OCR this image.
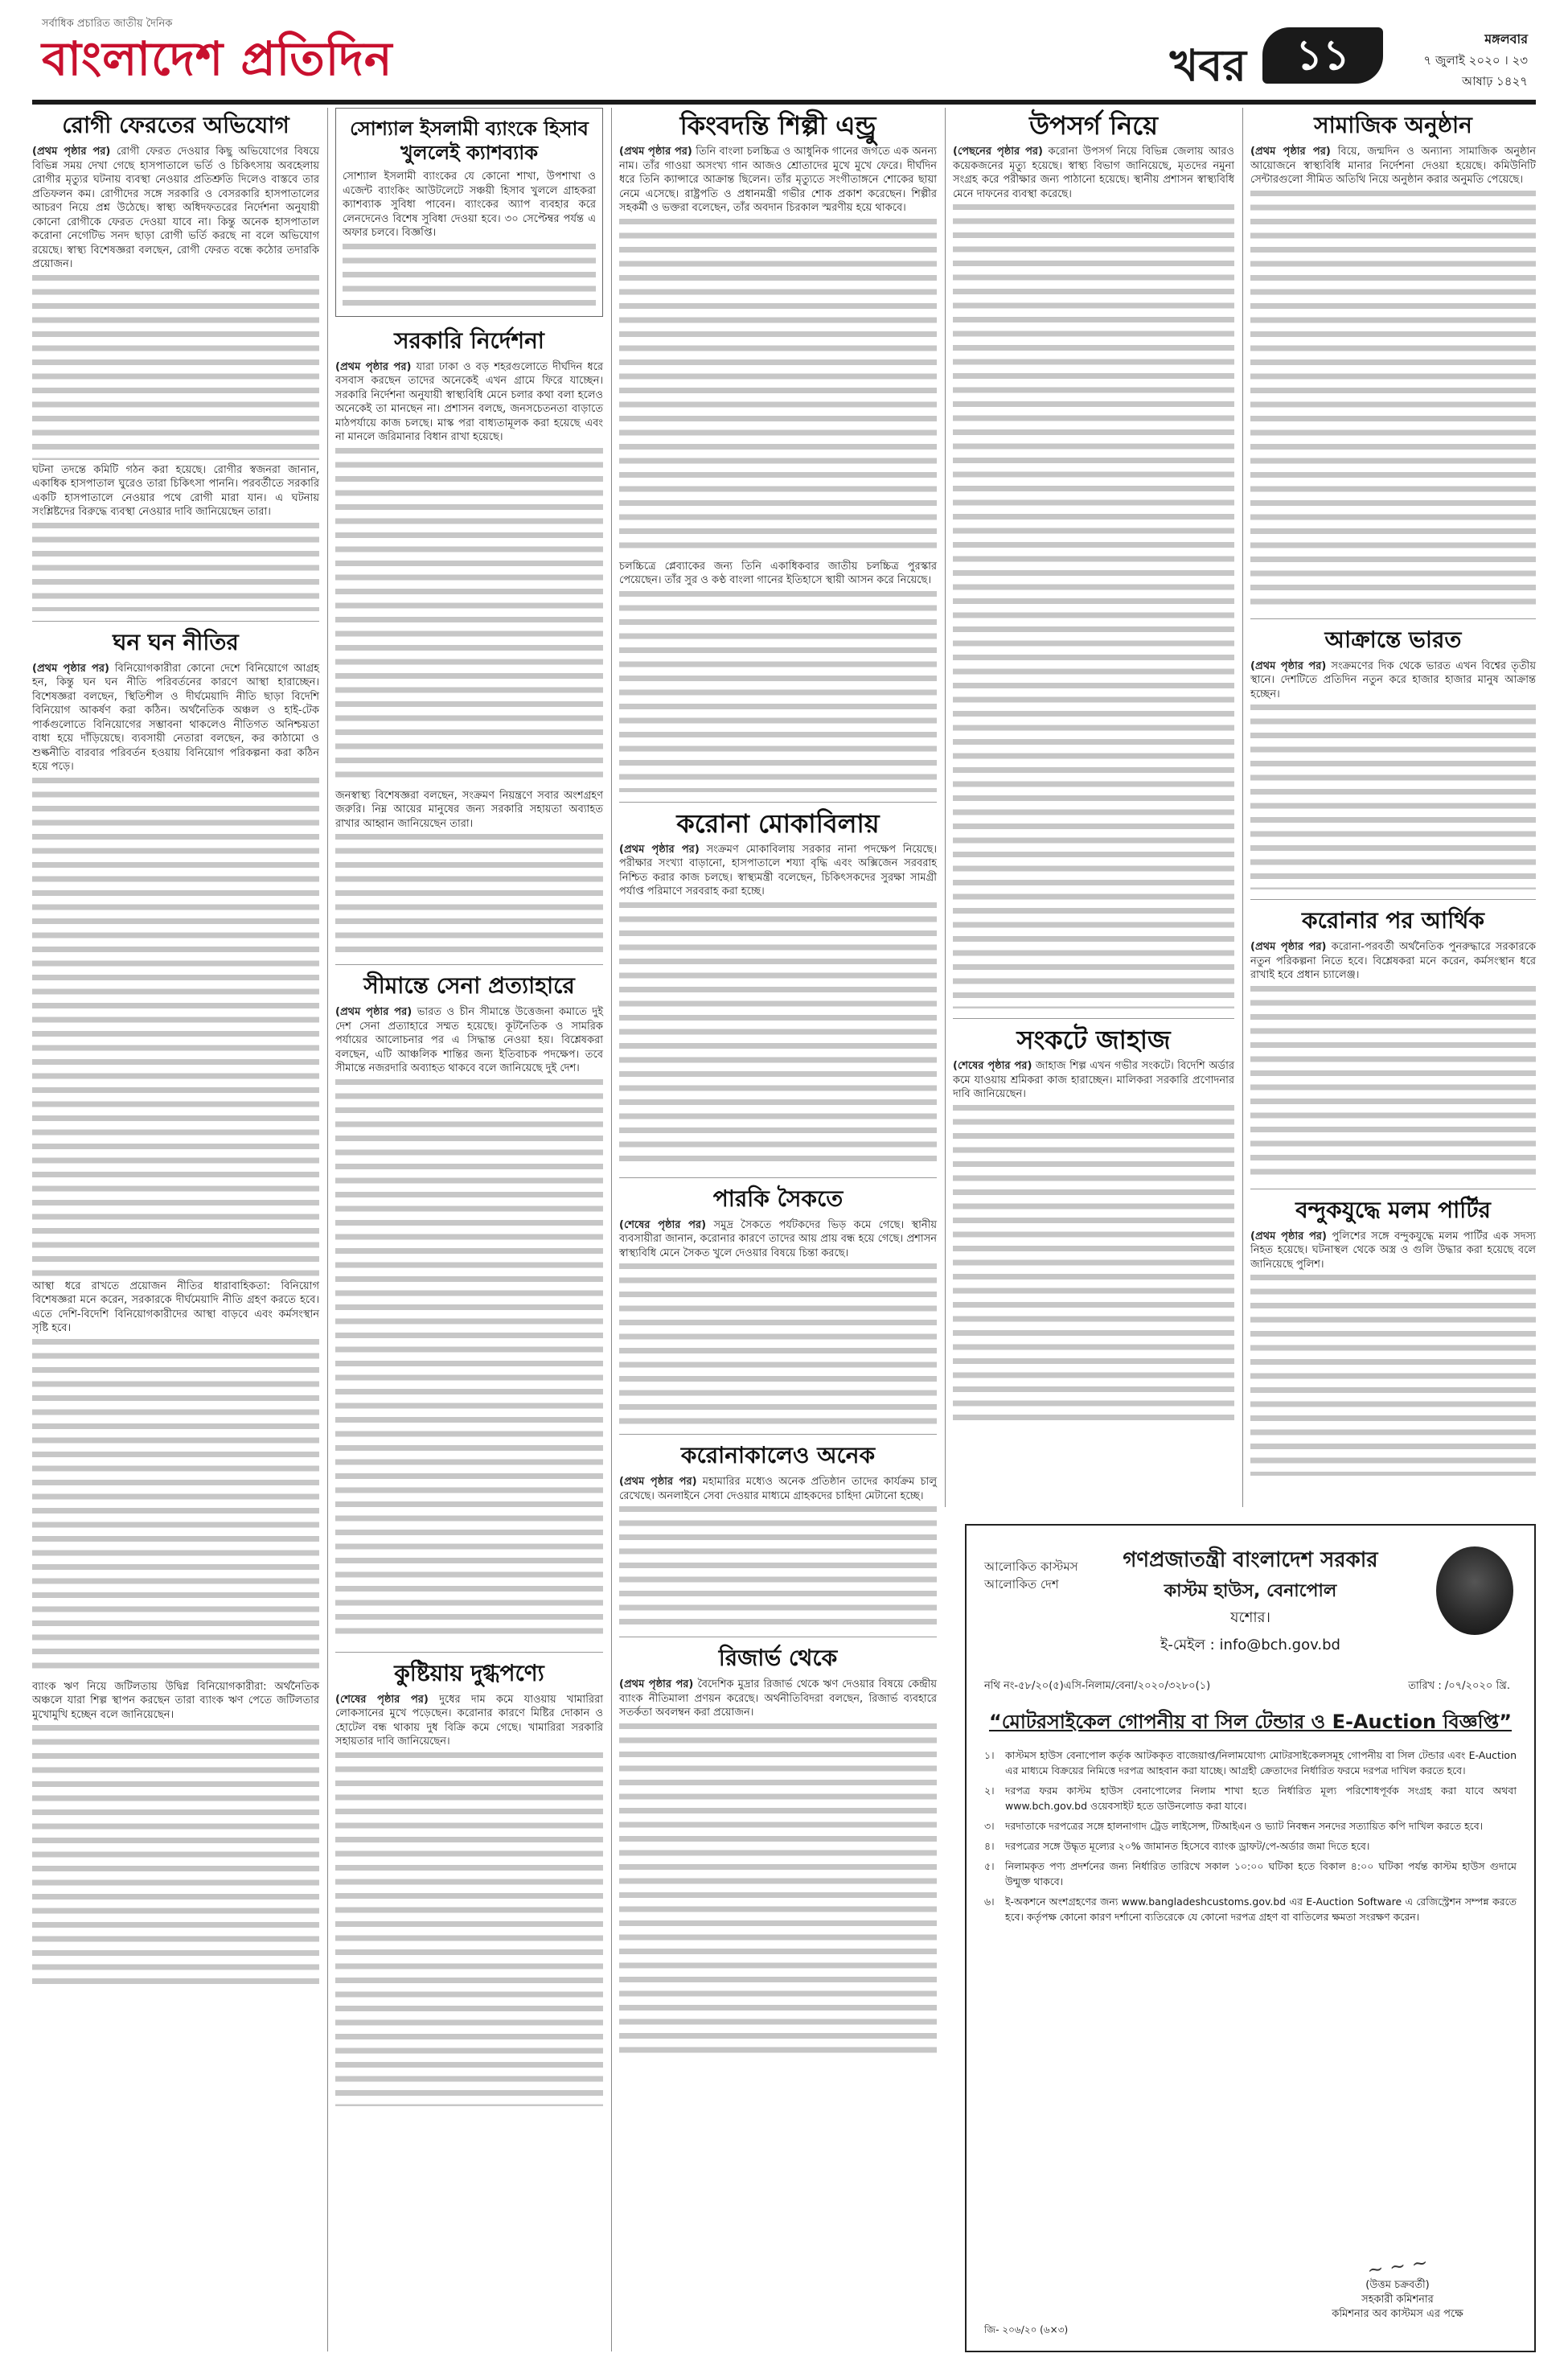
সর্বাধিক প্রচারিত জাতীয় দৈনিক
বাংলাদেশ প্রতিদিন	খবর	১১	মঙ্গলবার
৭ জুলাই ২০২০ । ২৩ আষাঢ় ১৪২৭
রোগী ফেরতের অভিযোগ

(প্রথম পৃষ্ঠার পর) রোগী ফেরত দেওয়ার কিছু অভিযোগের বিষয়ে বিভিন্ন সময় দেখা গেছে হাসপাতালে ভর্তি ও চিকিৎসায় অবহেলায় রোগীর মৃত্যুর ঘটনায় ব্যবস্থা নেওয়ার প্রতিশ্রুতি দিলেও বাস্তবে তার প্রতিফলন কম। রোগীদের সঙ্গে সরকারি ও বেসরকারি হাসপাতালের আচরণ নিয়ে প্রশ্ন উঠেছে। স্বাস্থ্য অধিদফতরের নির্দেশনা অনুযায়ী কোনো রোগীকে ফেরত দেওয়া যাবে না। কিন্তু অনেক হাসপাতাল করোনা নেগেটিভ সনদ ছাড়া রোগী ভর্তি করছে না বলে অভিযোগ রয়েছে। স্বাস্থ্য বিশেষজ্ঞরা বলছেন, রোগী ফেরত বন্ধে কঠোর তদারকি প্রয়োজন।

ঘটনা তদন্তে কমিটি গঠন করা হয়েছে। রোগীর স্বজনরা জানান, একাধিক হাসপাতাল ঘুরেও তারা চিকিৎসা পাননি। পরবর্তীতে সরকারি একটি হাসপাতালে নেওয়ার পথে রোগী মারা যান। এ ঘটনায় সংশ্লিষ্টদের বিরুদ্ধে ব্যবস্থা নেওয়ার দাবি জানিয়েছেন তারা।

ঘন ঘন নীতির

(প্রথম পৃষ্ঠার পর) বিনিয়োগকারীরা কোনো দেশে বিনিয়োগে আগ্রহ হন, কিন্তু ঘন ঘন নীতি পরিবর্তনের কারণে আস্থা হারাচ্ছেন। বিশেষজ্ঞরা বলছেন, স্থিতিশীল ও দীর্ঘমেয়াদি নীতি ছাড়া বিদেশি বিনিয়োগ আকর্ষণ করা কঠিন। অর্থনৈতিক অঞ্চল ও হাই-টেক পার্কগুলোতে বিনিয়োগের সম্ভাবনা থাকলেও নীতিগত অনিশ্চয়তা বাধা হয়ে দাঁড়িয়েছে। ব্যবসায়ী নেতারা বলছেন, কর কাঠামো ও শুল্কনীতি বারবার পরিবর্তন হওয়ায় বিনিয়োগ পরিকল্পনা করা কঠিন হয়ে পড়ে।

আস্থা ধরে রাখতে প্রয়োজন নীতির ধারাবাহিকতা: বিনিয়োগ বিশেষজ্ঞরা মনে করেন, সরকারকে দীর্ঘমেয়াদি নীতি গ্রহণ করতে হবে। এতে দেশি-বিদেশি বিনিয়োগকারীদের আস্থা বাড়বে এবং কর্মসংস্থান সৃষ্টি হবে।

ব্যাংক ঋণ নিয়ে জটিলতায় উদ্বিগ্ন বিনিয়োগকারীরা: অর্থনৈতিক অঞ্চলে যারা শিল্প স্থাপন করছেন তারা ব্যাংক ঋণ পেতে জটিলতার মুখোমুখি হচ্ছেন বলে জানিয়েছেন।

সোশ্যাল ইসলামী ব্যাংকে হিসাব খুললেই ক্যাশব্যাক

সোশ্যাল ইসলামী ব্যাংকের যে কোনো শাখা, উপশাখা ও এজেন্ট ব্যাংকিং আউটলেটে সঞ্চয়ী হিসাব খুললে গ্রাহকরা ক্যাশব্যাক সুবিধা পাবেন। ব্যাংকের অ্যাপ ব্যবহার করে লেনদেনেও বিশেষ সুবিধা দেওয়া হবে। ৩০ সেপ্টেম্বর পর্যন্ত এ অফার চলবে। বিজ্ঞপ্তি।

সরকারি নির্দেশনা

(প্রথম পৃষ্ঠার পর) যারা ঢাকা ও বড় শহরগুলোতে দীর্ঘদিন ধরে বসবাস করছেন তাদের অনেকেই এখন গ্রামে ফিরে যাচ্ছেন। সরকারি নির্দেশনা অনুযায়ী স্বাস্থ্যবিধি মেনে চলার কথা বলা হলেও অনেকেই তা মানছেন না। প্রশাসন বলছে, জনসচেতনতা বাড়াতে মাঠপর্যায়ে কাজ চলছে। মাস্ক পরা বাধ্যতামূলক করা হয়েছে এবং না মানলে জরিমানার বিধান রাখা হয়েছে।

জনস্বাস্থ্য বিশেষজ্ঞরা বলছেন, সংক্রমণ নিয়ন্ত্রণে সবার অংশগ্রহণ জরুরি। নিম্ন আয়ের মানুষের জন্য সরকারি সহায়তা অব্যাহত রাখার আহ্বান জানিয়েছেন তারা।

সীমান্তে সেনা প্রত্যাহারে

(প্রথম পৃষ্ঠার পর) ভারত ও চীন সীমান্তে উত্তেজনা কমাতে দুই দেশ সেনা প্রত্যাহারে সম্মত হয়েছে। কূটনৈতিক ও সামরিক পর্যায়ের আলোচনার পর এ সিদ্ধান্ত নেওয়া হয়। বিশ্লেষকরা বলছেন, এটি আঞ্চলিক শান্তির জন্য ইতিবাচক পদক্ষেপ। তবে সীমান্তে নজরদারি অব্যাহত থাকবে বলে জানিয়েছে দুই দেশ।

কুষ্টিয়ায় দুগ্ধপণ্যে

(শেষের পৃষ্ঠার পর) দুধের দাম কমে যাওয়ায় খামারিরা লোকসানের মুখে পড়েছেন। করোনার কারণে মিষ্টির দোকান ও হোটেল বন্ধ থাকায় দুধ বিক্রি কমে গেছে। খামারিরা সরকারি সহায়তার দাবি জানিয়েছেন।

কিংবদন্তি শিল্পী এন্ড্রু

(প্রথম পৃষ্ঠার পর) তিনি বাংলা চলচ্চিত্র ও আধুনিক গানের জগতে এক অনন্য নাম। তাঁর গাওয়া অসংখ্য গান আজও শ্রোতাদের মুখে মুখে ফেরে। দীর্ঘদিন ধরে তিনি ক্যান্সারে আক্রান্ত ছিলেন। তাঁর মৃত্যুতে সংগীতাঙ্গনে শোকের ছায়া নেমে এসেছে। রাষ্ট্রপতি ও প্রধানমন্ত্রী গভীর শোক প্রকাশ করেছেন। শিল্পীর সহকর্মী ও ভক্তরা বলেছেন, তাঁর অবদান চিরকাল স্মরণীয় হয়ে থাকবে।

চলচ্চিত্রে প্লেব্যাকের জন্য তিনি একাধিকবার জাতীয় চলচ্চিত্র পুরস্কার পেয়েছেন। তাঁর সুর ও কণ্ঠ বাংলা গানের ইতিহাসে স্থায়ী আসন করে নিয়েছে।

করোনা মোকাবিলায়

(প্রথম পৃষ্ঠার পর) সংক্রমণ মোকাবিলায় সরকার নানা পদক্ষেপ নিয়েছে। পরীক্ষার সংখ্যা বাড়ানো, হাসপাতালে শয্যা বৃদ্ধি এবং অক্সিজেন সরবরাহ নিশ্চিত করার কাজ চলছে। স্বাস্থ্যমন্ত্রী বলেছেন, চিকিৎসকদের সুরক্ষা সামগ্রী পর্যাপ্ত পরিমাণে সরবরাহ করা হচ্ছে।

পারকি সৈকতে

(শেষের পৃষ্ঠার পর) সমুদ্র সৈকতে পর্যটকদের ভিড় কমে গেছে। স্থানীয় ব্যবসায়ীরা জানান, করোনার কারণে তাদের আয় প্রায় বন্ধ হয়ে গেছে। প্রশাসন স্বাস্থ্যবিধি মেনে সৈকত খুলে দেওয়ার বিষয়ে চিন্তা করছে।

করোনাকালেও অনেক

(প্রথম পৃষ্ঠার পর) মহামারির মধ্যেও অনেক প্রতিষ্ঠান তাদের কার্যক্রম চালু রেখেছে। অনলাইনে সেবা দেওয়ার মাধ্যমে গ্রাহকদের চাহিদা মেটানো হচ্ছে।

রিজার্ভ থেকে

(প্রথম পৃষ্ঠার পর) বৈদেশিক মুদ্রার রিজার্ভ থেকে ঋণ দেওয়ার বিষয়ে কেন্দ্রীয় ব্যাংক নীতিমালা প্রণয়ন করেছে। অর্থনীতিবিদরা বলছেন, রিজার্ভ ব্যবহারে সতর্কতা অবলম্বন করা প্রয়োজন।

উপসর্গ নিয়ে

(পেছনের পৃষ্ঠার পর) করোনা উপসর্গ নিয়ে বিভিন্ন জেলায় আরও কয়েকজনের মৃত্যু হয়েছে। স্বাস্থ্য বিভাগ জানিয়েছে, মৃতদের নমুনা সংগ্রহ করে পরীক্ষার জন্য পাঠানো হয়েছে। স্থানীয় প্রশাসন স্বাস্থ্যবিধি মেনে দাফনের ব্যবস্থা করেছে।

সংকটে জাহাজ

(শেষের পৃষ্ঠার পর) জাহাজ শিল্প এখন গভীর সংকটে। বিদেশি অর্ডার কমে যাওয়ায় শ্রমিকরা কাজ হারাচ্ছেন। মালিকরা সরকারি প্রণোদনার দাবি জানিয়েছেন।

সামাজিক অনুষ্ঠান

(প্রথম পৃষ্ঠার পর) বিয়ে, জন্মদিন ও অন্যান্য সামাজিক অনুষ্ঠান আয়োজনে স্বাস্থ্যবিধি মানার নির্দেশনা দেওয়া হয়েছে। কমিউনিটি সেন্টারগুলো সীমিত অতিথি নিয়ে অনুষ্ঠান করার অনুমতি পেয়েছে।

আক্রান্তে ভারত

(প্রথম পৃষ্ঠার পর) সংক্রমণের দিক থেকে ভারত এখন বিশ্বের তৃতীয় স্থানে। দেশটিতে প্রতিদিন নতুন করে হাজার হাজার মানুষ আক্রান্ত হচ্ছেন।

করোনার পর আর্থিক

(প্রথম পৃষ্ঠার পর) করোনা-পরবর্তী অর্থনৈতিক পুনরুদ্ধারে সরকারকে নতুন পরিকল্পনা নিতে হবে। বিশ্লেষকরা মনে করেন, কর্মসংস্থান ধরে রাখাই হবে প্রধান চ্যালেঞ্জ।

বন্দুকযুদ্ধে মলম পার্টির

(প্রথম পৃষ্ঠার পর) পুলিশের সঙ্গে বন্দুকযুদ্ধে মলম পার্টির এক সদস্য নিহত হয়েছে। ঘটনাস্থল থেকে অস্ত্র ও গুলি উদ্ধার করা হয়েছে বলে জানিয়েছে পুলিশ।

আলোকিত কাস্টমস
আলোকিত দেশ
গণপ্রজাতন্ত্রী বাংলাদেশ সরকার
কাস্টম হাউস, বেনাপোল
যশোর।
ই-মেইল : info@bch.gov.bd
নথি নং-৫৮/২০(৫)এসি-নিলাম/বেনা/২০২০/৩২৮০(১)	তারিখ : /০৭/২০২০ খ্রি.
“মোটরসাইকেল গোপনীয় বা সিল টেন্ডার ও E-Auction বিজ্ঞপ্তি”
১।	কাস্টমস হাউস বেনাপোল কর্তৃক আটককৃত বাজেয়াপ্ত/নিলামযোগ্য মোটরসাইকেলসমূহ গোপনীয় বা সিল টেন্ডার এবং E-Auction এর মাধ্যমে বিক্রয়ের নিমিত্তে দরপত্র আহবান করা যাচ্ছে। আগ্রহী ক্রেতাদের নির্ধারিত ফরমে দরপত্র দাখিল করতে হবে।
২।	দরপত্র ফরম কাস্টম হাউস বেনাপোলের নিলাম শাখা হতে নির্ধারিত মূল্য পরিশোধপূর্বক সংগ্রহ করা যাবে অথবা www.bch.gov.bd ওয়েবসাইট হতে ডাউনলোড করা যাবে।
৩।	দরদাতাকে দরপত্রের সঙ্গে হালনাগাদ ট্রেড লাইসেন্স, টিআইএন ও ভ্যাট নিবন্ধন সনদের সত্যায়িত কপি দাখিল করতে হবে।
৪।	দরপত্রের সঙ্গে উদ্ধৃত মূল্যের ২০% জামানত হিসেবে ব্যাংক ড্রাফট/পে-অর্ডার জমা দিতে হবে।
৫।	নিলামকৃত পণ্য প্রদর্শনের জন্য নির্ধারিত তারিখে সকাল ১০:০০ ঘটিকা হতে বিকাল ৪:০০ ঘটিকা পর্যন্ত কাস্টম হাউস গুদামে উন্মুক্ত থাকবে।
৬।	ই-অকশনে অংশগ্রহণের জন্য www.bangladeshcustoms.gov.bd এর E-Auction Software এ রেজিস্ট্রেশন সম্পন্ন করতে হবে। কর্তৃপক্ষ কোনো কারণ দর্শানো ব্যতিরেকে যে কোনো দরপত্র গ্রহণ বা বাতিলের ক্ষমতা সংরক্ষণ করেন।
~ ~ ~
(উত্তম চক্রবর্তী)
সহকারী কমিশনার
কমিশনার অব কাস্টমস এর পক্ষে
জি- ২০৬/২০ (৬×৩)
